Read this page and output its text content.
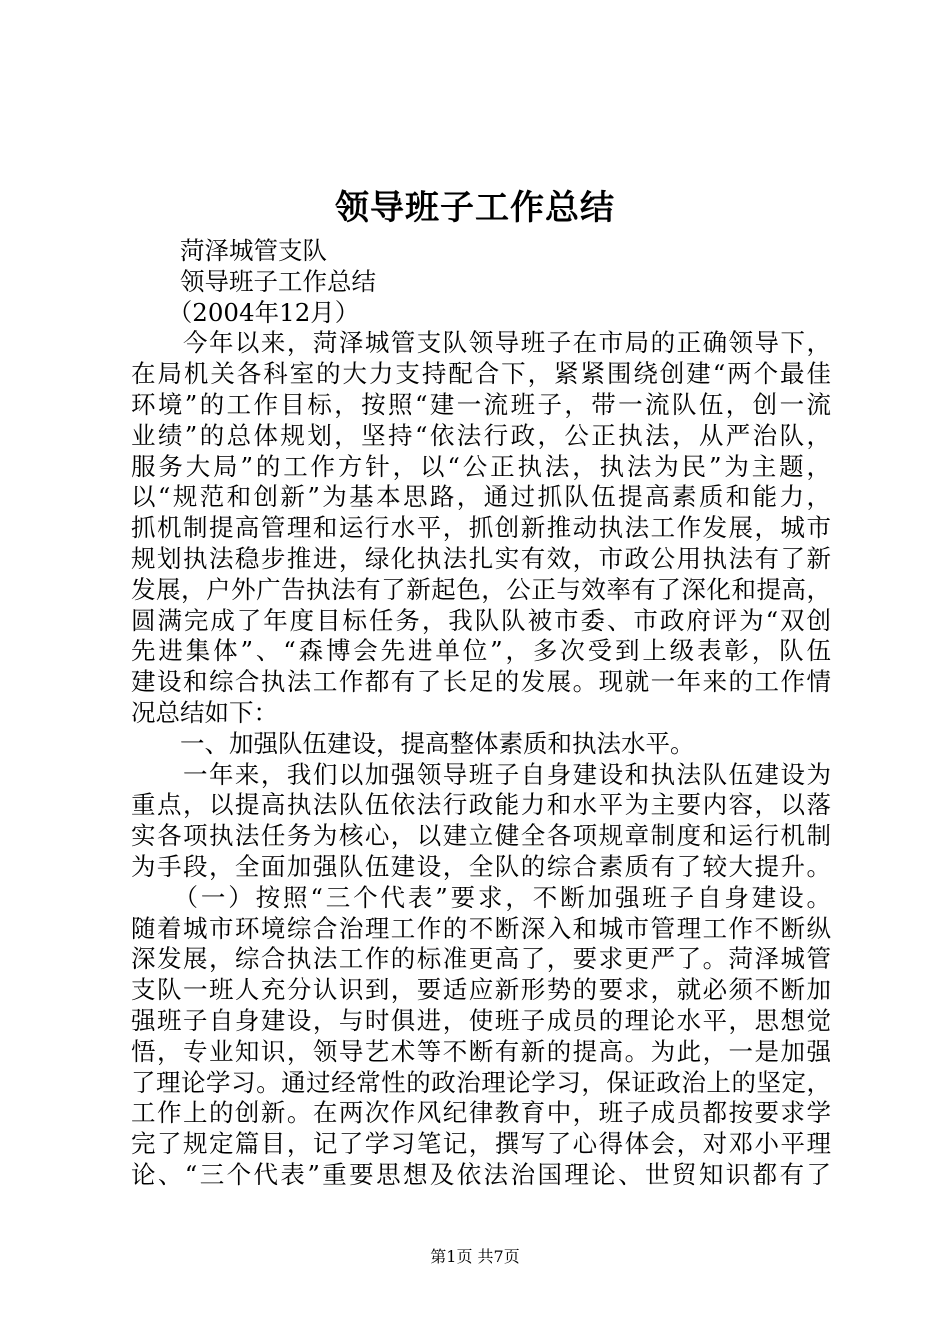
领导班子工作总结
　　菏泽城管支队
　　领导班子工作总结
　　（2004年12月）
　　今年以来，菏泽城管支队领导班子在市局的正确领导下，
在局机关各科室的大力支持配合下，紧紧围绕创建“两个最佳
环境”的工作目标，按照“建一流班子，带一流队伍，创一流
业绩”的总体规划，坚持“依法行政，公正执法，从严治队，
服务大局”的工作方针，以“公正执法，执法为民”为主题，
以“规范和创新”为基本思路，通过抓队伍提高素质和能力，
抓机制提高管理和运行水平，抓创新推动执法工作发展，城市
规划执法稳步推进，绿化执法扎实有效，市政公用执法有了新
发展，户外广告执法有了新起色，公正与效率有了深化和提高，
圆满完成了年度目标任务，我队队被市委、市政府评为“双创
先进集体”、“森博会先进单位”，多次受到上级表彰，队伍
建设和综合执法工作都有了长足的发展。现就一年来的工作情
况总结如下：
　　一、加强队伍建设，提高整体素质和执法水平。
　　一年来，我们以加强领导班子自身建设和执法队伍建设为
重点，以提高执法队伍依法行政能力和水平为主要内容，以落
实各项执法任务为核心，以建立健全各项规章制度和运行机制
为手段，全面加强队伍建设，全队的综合素质有了较大提升。
　　（一）按照“三个代表”要求，不断加强班子自身建设。
随着城市环境综合治理工作的不断深入和城市管理工作不断纵
深发展，综合执法工作的标准更高了，要求更严了。菏泽城管
支队一班人充分认识到，要适应新形势的要求，就必须不断加
强班子自身建设，与时俱进，使班子成员的理论水平，思想觉
悟，专业知识，领导艺术等不断有新的提高。为此，一是加强
了理论学习。通过经常性的政治理论学习，保证政治上的坚定，
工作上的创新。在两次作风纪律教育中，班子成员都按要求学
完了规定篇目，记了学习笔记，撰写了心得体会，对邓小平理
论、“三个代表”重要思想及依法治国理论、世贸知识都有了
第1页 共7页
